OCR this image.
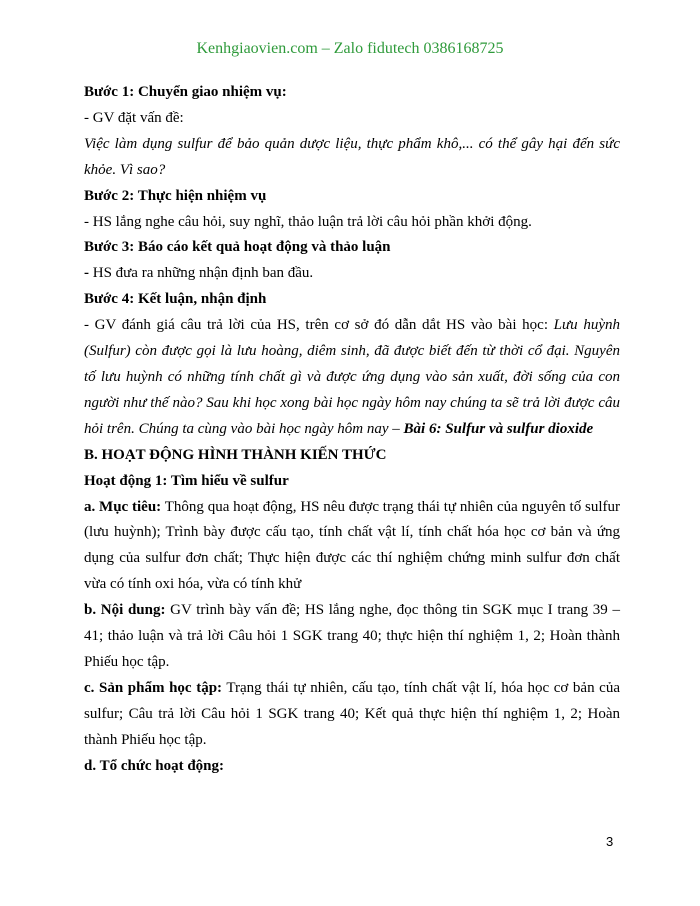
Kenhgiaovien.com – Zalo fidutech 0386168725

Bước 1: Chuyển giao nhiệm vụ:

- GV đặt vấn đề:

Việc làm dụng sulfur để bảo quản dược liệu, thực phẩm khô,... có thể gây hại đến sức khỏe. Vì sao?

Bước 2: Thực hiện nhiệm vụ

- HS lắng nghe câu hỏi, suy nghĩ, thảo luận trả lời câu hỏi phần khởi động.

Bước 3: Báo cáo kết quả hoạt động và thảo luận

- HS đưa ra những nhận định ban đầu.

Bước 4: Kết luận, nhận định

- GV đánh giá câu trả lời của HS, trên cơ sở đó dẫn dắt HS vào bài học: Lưu huỳnh (Sulfur) còn được gọi là lưu hoàng, diêm sinh, đã được biết đến từ thời cổ đại. Nguyên tố lưu huỳnh có những tính chất gì và được ứng dụng vào sản xuất, đời sống của con người như thế nào? Sau khi học xong bài học ngày hôm nay chúng ta sẽ trả lời được câu hỏi trên. Chúng ta cùng vào bài học ngày hôm nay – Bài 6: Sulfur và sulfur dioxide

B. HOẠT ĐỘNG HÌNH THÀNH KIẾN THỨC

Hoạt động 1: Tìm hiểu về sulfur

a. Mục tiêu: Thông qua hoạt động, HS nêu được trạng thái tự nhiên của nguyên tố sulfur (lưu huỳnh); Trình bày được cấu tạo, tính chất vật lí, tính chất hóa học cơ bản và ứng dụng của sulfur đơn chất; Thực hiện được các thí nghiệm chứng minh sulfur đơn chất vừa có tính oxi hóa, vừa có tính khử

b. Nội dung: GV trình bày vấn đề; HS lắng nghe, đọc thông tin SGK mục I trang 39 – 41; thảo luận và trả lời Câu hỏi 1 SGK trang 40; thực hiện thí nghiệm 1, 2; Hoàn thành Phiếu học tập.

c. Sản phẩm học tập: Trạng thái tự nhiên, cấu tạo, tính chất vật lí, hóa học cơ bản của sulfur; Câu trả lời Câu hỏi 1 SGK trang 40; Kết quả thực hiện thí nghiệm 1, 2; Hoàn thành Phiếu học tập.

d. Tổ chức hoạt động:

3
